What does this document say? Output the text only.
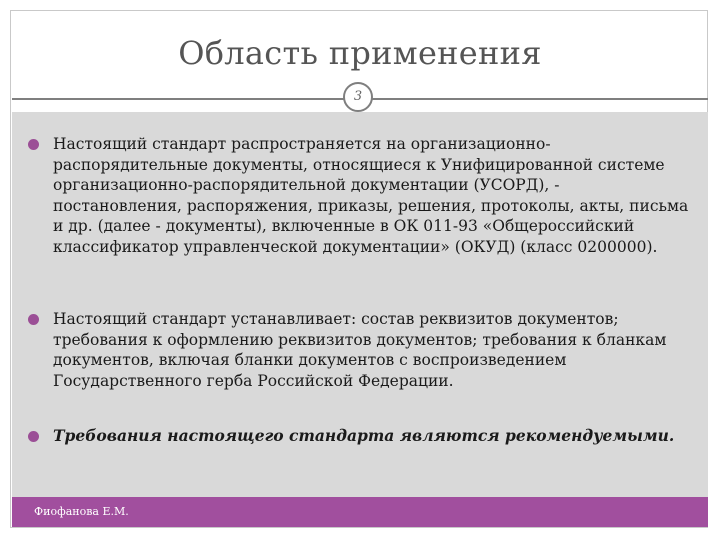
Область применения
3
Настоящий стандарт распространяется на организационно-распорядительные документы, относящиеся к Унифицированной системе организационно-распорядительной документации (УСОРД), - постановления, распоряжения, приказы, решения, протоколы, акты, письма и др. (далее - документы), включенные в ОК 011-93 «Общероссийский классификатор управленческой документации» (ОКУД) (класс 0200000).
Настоящий стандарт устанавливает: состав реквизитов документов; требования к оформлению реквизитов документов; требования к бланкам документов, включая бланки документов с воспроизведением Государственного герба Российской Федерации.
Требования настоящего стандарта являются рекомендуемыми.
Фиофанова Е.М.
